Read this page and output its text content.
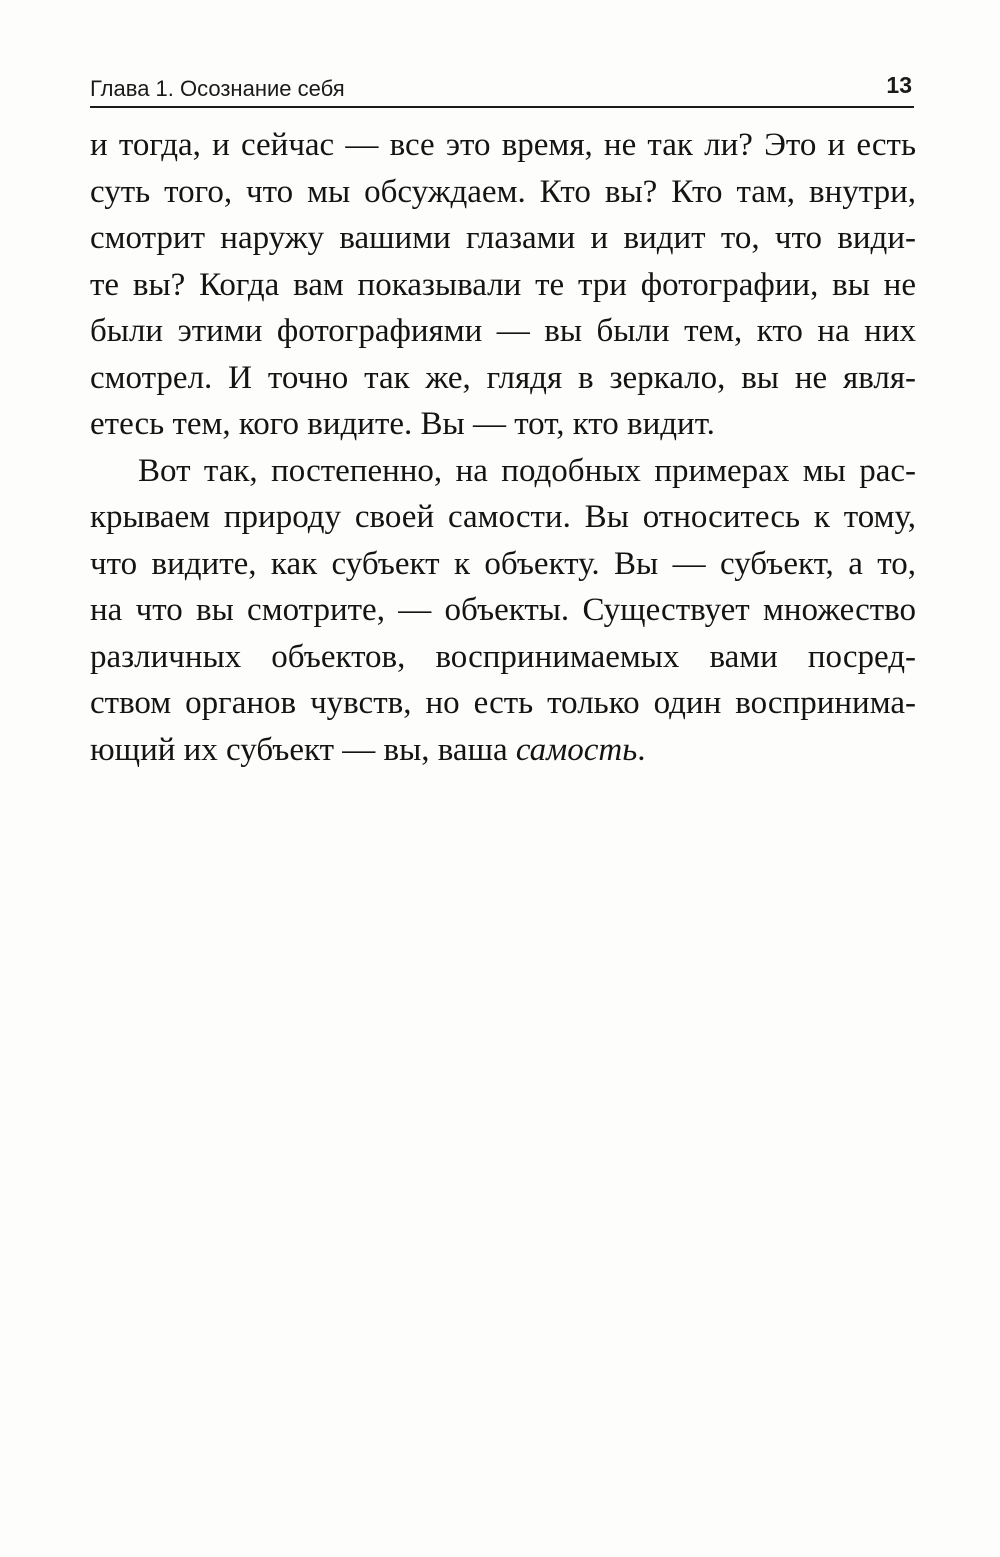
Глава 1. Осознание себя	13
и тогда, и сейчас — все это время, не так ли? Это и есть
суть того, что мы обсуждаем. Кто вы? Кто там, внутри,
смотрит наружу вашими глазами и видит то, что види-
те вы? Когда вам показывали те три фотографии, вы не
были этими фотографиями — вы были тем, кто на них
смотрел. И точно так же, глядя в зеркало, вы не явля-
етесь тем, кого видите. Вы — тот, кто видит.
Вот так, постепенно, на подобных примерах мы рас-
крываем природу своей самости. Вы относитесь к тому,
что видите, как субъект к объекту. Вы — субъект, а то,
на что вы смотрите, — объекты. Существует множество
различных объектов, воспринимаемых вами посред-
ством органов чувств, но есть только один воспринима-
ющий их субъект — вы, ваша самость.
